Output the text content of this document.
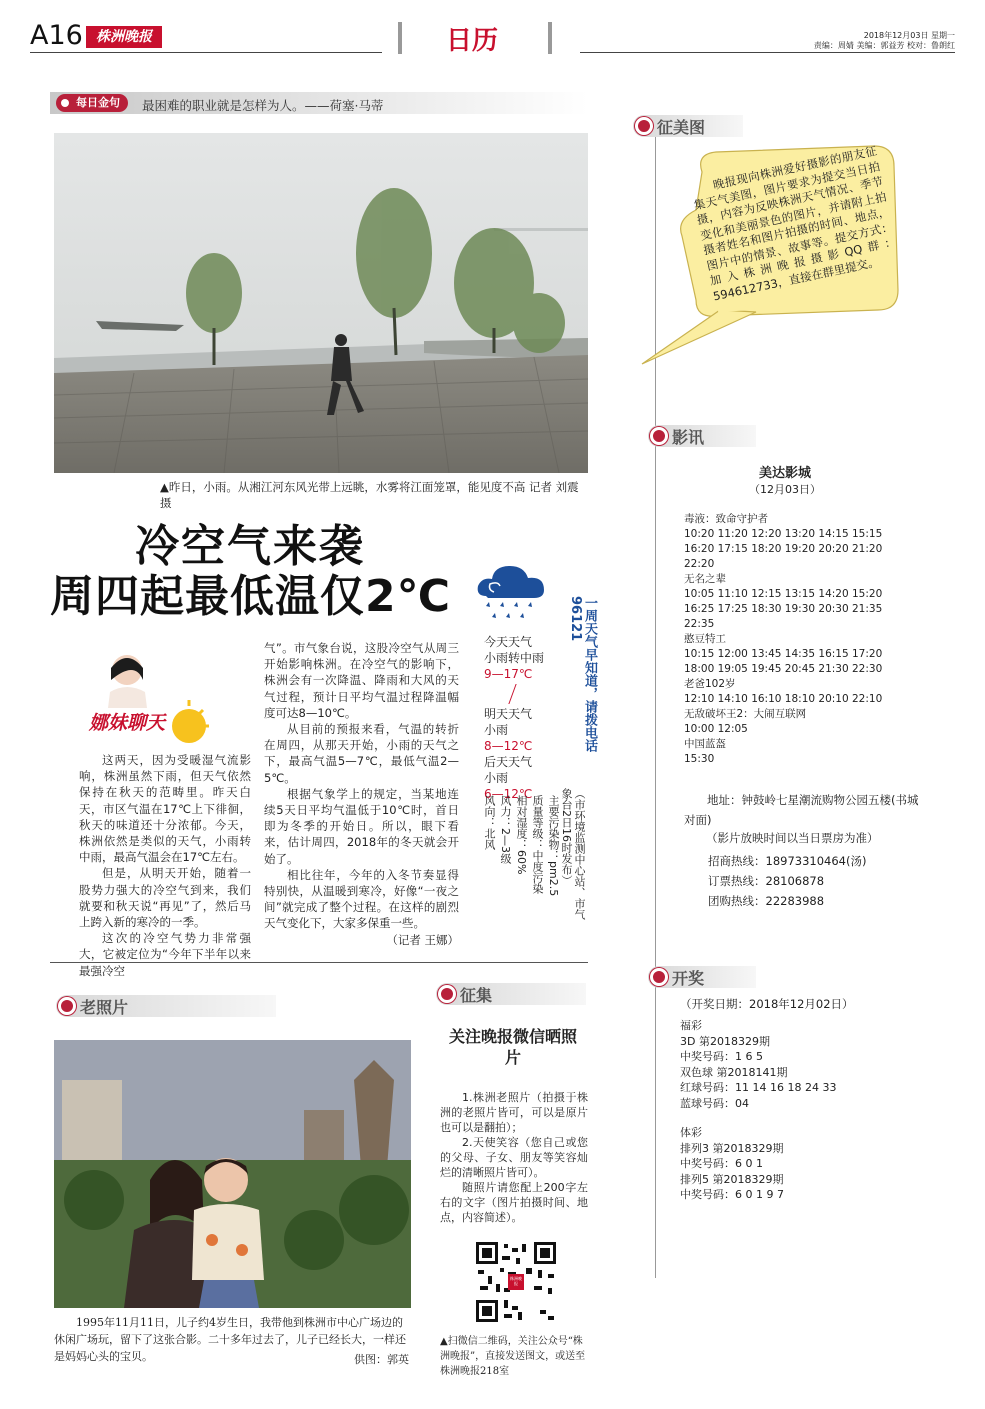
A16 株洲晚报	日历	2018年12月03日 星期一
责编：周婧 美编：郭益芳 校对：鲁朗红
每日金句	最困难的职业就是怎样为人。——荷塞·马蒂
▲昨日，小雨。从湘江河东风光带上远眺，水雾将江面笼罩，能见度不高 记者 刘震 摄
冷空气来袭
周四起最低温仅2℃
娜妹聊天

这两天，因为受暖湿气流影响，株洲虽然下雨，但天气依然保持在秋天的范畴里。昨天白天，市区气温在17℃上下徘徊，秋天的味道还十分浓郁。今天，株洲依然是类似的天气，小雨转中雨，最高气温会在17℃左右。

但是，从明天开始，随着一股势力强大的冷空气到来，我们就要和秋天说“再见”了，然后马上跨入新的寒冷的一季。

这次的冷空气势力非常强大，它被定位为“今年下半年以来最强冷空

气”。市气象台说，这股冷空气从周三开始影响株洲。在冷空气的影响下，株洲会有一次降温、降雨和大风的天气过程，预计日平均气温过程降温幅度可达8—10℃。

从目前的预报来看，气温的转折在周四，从那天开始，小雨的天气之下，最高气温5—7℃，最低气温2—5℃。

根据气象学上的规定，当某地连续5天日平均气温低于10℃时，首日即为冬季的开始日。所以，眼下看来，估计周四，2018年的冬天就会开始了。

相比往年，今年的入冬节奏显得特别快，从温暖到寒冷，好像“一夜之间”就完成了整个过程。在这样的剧烈天气变化下，大家多保重一些。

（记者 王娜）
今天天气
小雨转中雨
9—17℃
明天天气
小雨
8—12℃
后天天气
小雨
6—12℃
一周天气早知道，请拨电话96121
（市环境监测中心站、市气象台2日16时发布）
主要污染物：pm2.5
质量等级：中度污染
相对湿度：60%
风力：2—3级
风向：北风
老照片
1995年11月11日，儿子约4岁生日，我带他到株洲市中心广场边的休闲广场玩，留下了这张合影。二十多年过去了，儿子已经长大，一样还是妈妈心头的宝贝。	供图：郭英
征集
关注晚报微信晒照片

1.株洲老照片（拍摄于株洲的老照片皆可，可以是原片也可以是翻拍）；

2.天使笑容（您自己或您的父母、子女、朋友等笑容灿烂的清晰照片皆可）。

随照片请您配上200字左右的文字（图片拍摄时间、地点，内容简述）。

株洲晚报
▲扫微信二维码，关注公众号“株洲晚报”，直接发送图文，或送至株洲晚报218室
征美图
晚报现向株洲爱好摄影的朋友征集天气美图，图片要求为提交当日拍摄，内容为反映株洲天气情况、季节变化和美丽景色的图片，并请附上拍摄者姓名和图片拍摄的时间、地点，图片中的情景、故事等。提交方式：加入株洲晚报摄影QQ群：594612733，直接在群里提交。
影讯
美达影城
（12月03日）
毒液：致命守护者
10:20 11:20 12:20 13:20 14:15 15:15
16:20 17:15 18:20 19:20 20:20 21:20
22:20
无名之辈
10:05 11:10 12:15 13:15 14:20 15:20
16:25 17:25 18:30 19:30 20:30 21:35
22:35
憨豆特工
10:15 12:00 13:45 14:35 16:15 17:20
18:00 19:05 19:45 20:45 21:30 22:30
老爸102岁
12:10 14:10 16:10 18:10 20:10 22:10
无敌破坏王2：大闹互联网
10:00 12:05
中国蓝盔
15:30
地址：钟鼓岭七星潮流购物公园五楼(书城对面)
（影片放映时间以当日票房为准）
招商热线：18973310464(汤)
订票热线：28106878
团购热线：22283988
开奖
（开奖日期：2018年12月02日）
福彩
3D 第2018329期
中奖号码：1 6 5
双色球 第2018141期
红球号码：11 14 16 18 24 33
蓝球号码：04
体彩
排列3 第2018329期
中奖号码：6 0 1
排列5 第2018329期
中奖号码：6 0 1 9 7
